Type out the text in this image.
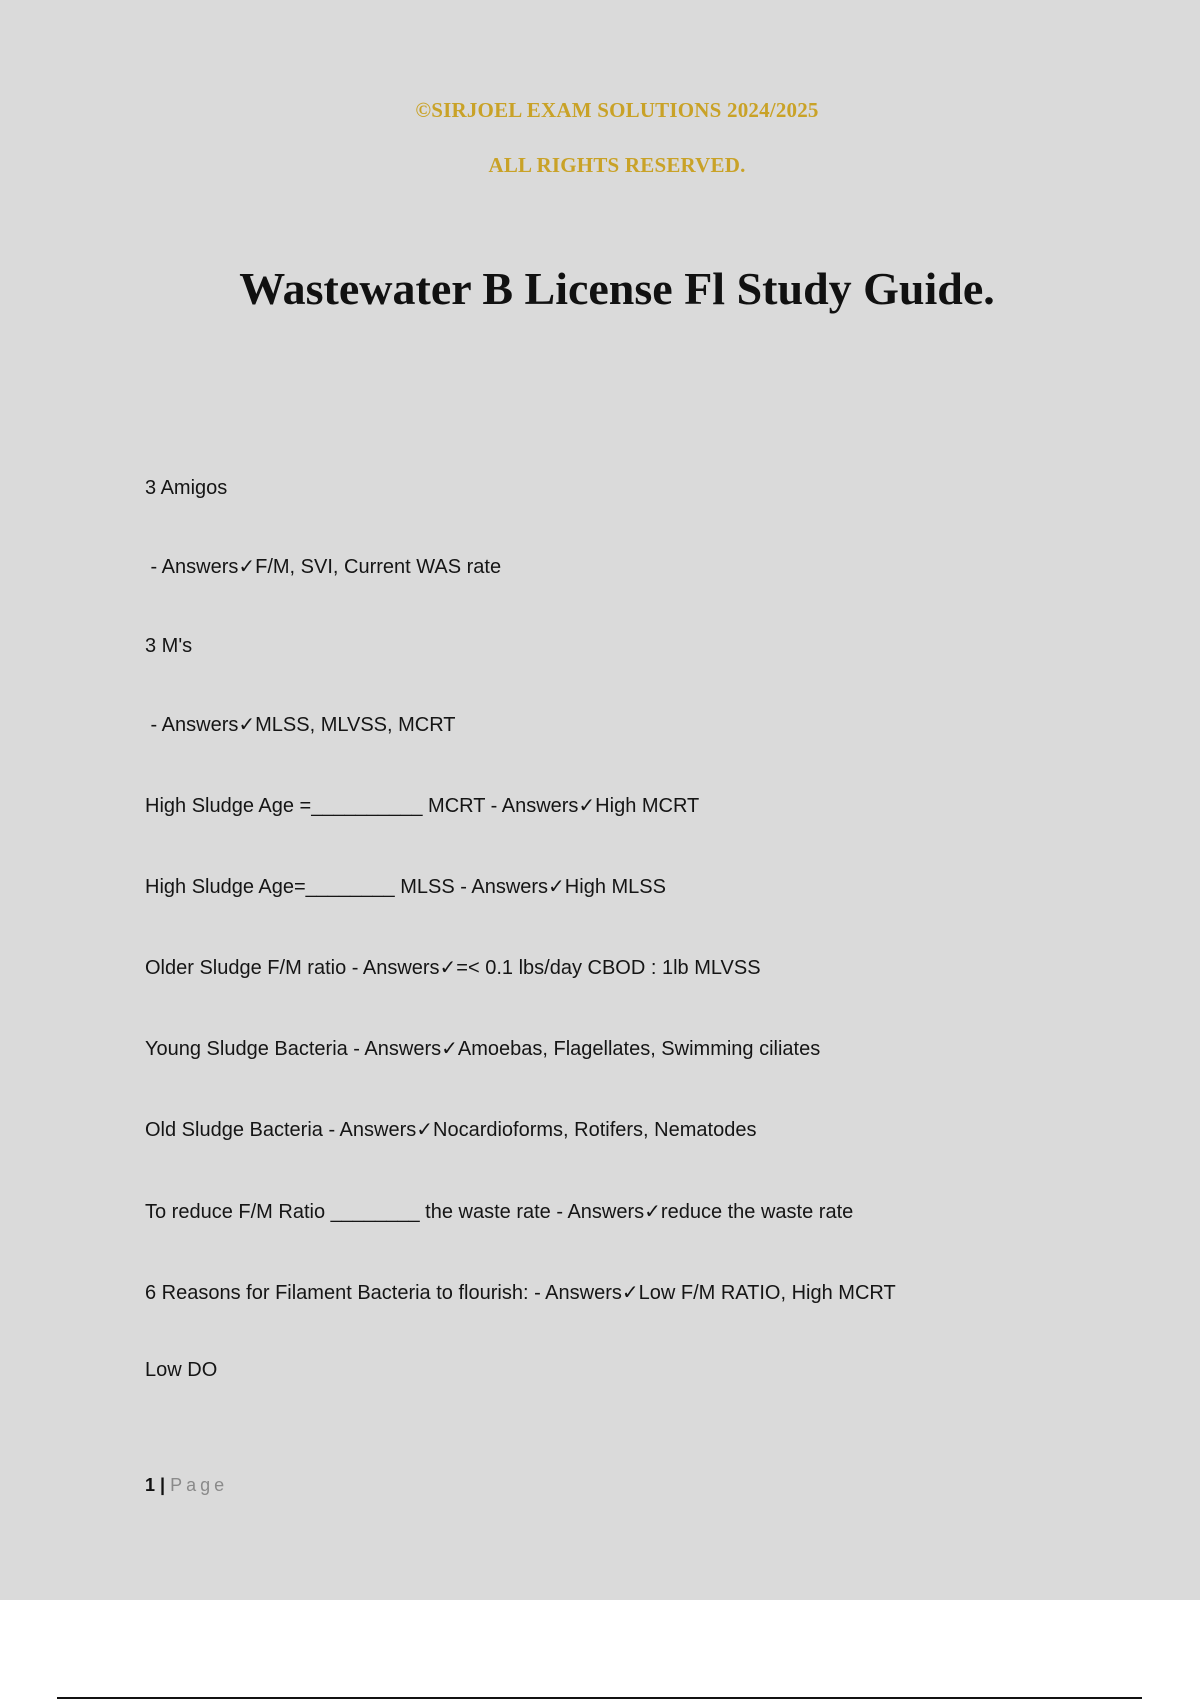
©SIRJOEL EXAM SOLUTIONS 2024/2025
ALL RIGHTS RESERVED.
Wastewater B License Fl Study Guide.
3 Amigos
- Answers✓F/M, SVI, Current WAS rate
3 M's
- Answers✓MLSS, MLVSS, MCRT
High Sludge Age =__________ MCRT - Answers✓High MCRT
High Sludge Age=________ MLSS - Answers✓High MLSS
Older Sludge F/M ratio - Answers✓=< 0.1 lbs/day CBOD : 1lb MLVSS
Young Sludge Bacteria - Answers✓Amoebas, Flagellates, Swimming ciliates
Old Sludge Bacteria - Answers✓Nocardioforms, Rotifers, Nematodes
To reduce F/M Ratio ________ the waste rate - Answers✓reduce the waste rate
6 Reasons for Filament Bacteria to flourish: - Answers✓Low F/M RATIO, High MCRT
Low DO
1 | Page
